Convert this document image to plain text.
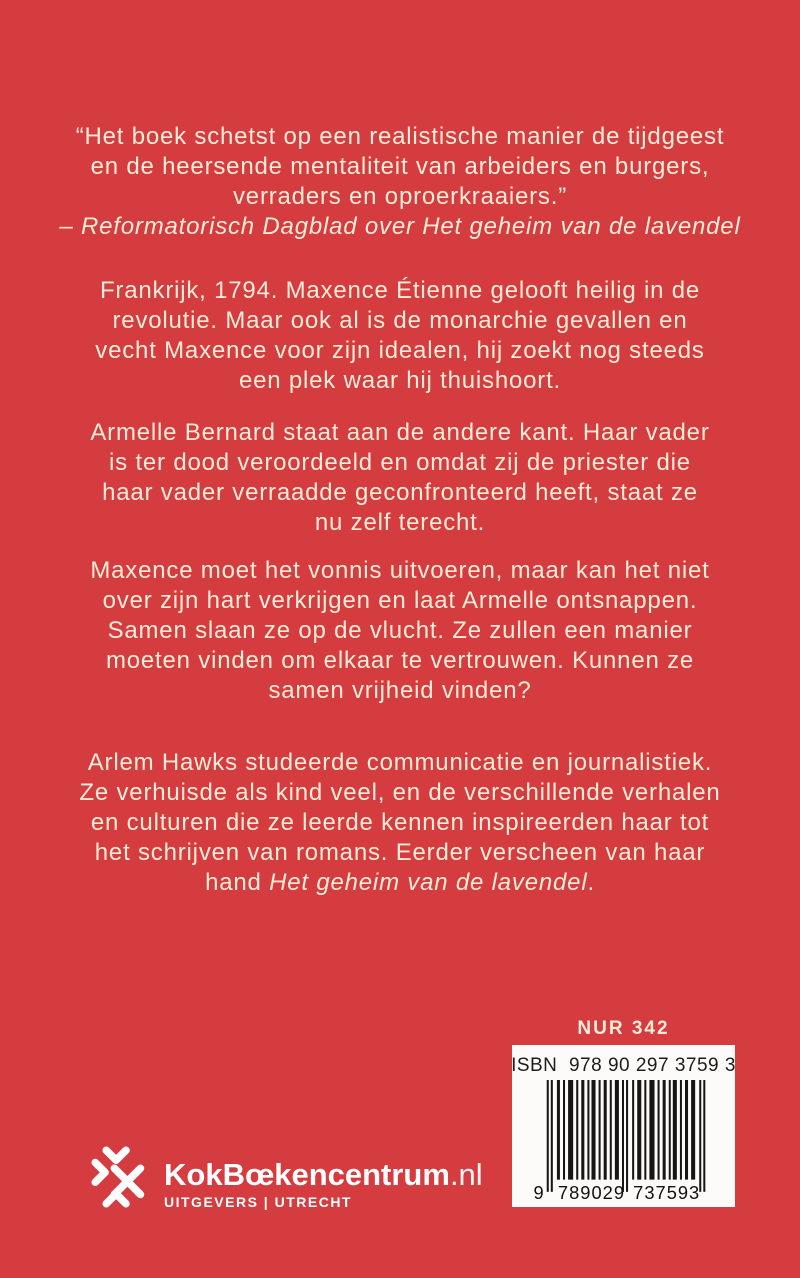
“Het boek schetst op een realistische manier de tijdgeest
en de heersende mentaliteit van arbeiders en burgers,
verraders en oproerkraaiers.”
– Reformatorisch Dagblad over Het geheim van de lavendel
Frankrijk, 1794. Maxence Étienne gelooft heilig in de
revolutie. Maar ook al is de monarchie gevallen en
vecht Maxence voor zijn idealen, hij zoekt nog steeds
een plek waar hij thuishoort.
Armelle Bernard staat aan de andere kant. Haar vader
is ter dood veroordeeld en omdat zij de priester die
haar vader verraadde geconfronteerd heeft, staat ze
nu zelf terecht.
Maxence moet het vonnis uitvoeren, maar kan het niet
over zijn hart verkrijgen en laat Armelle ontsnappen.
Samen slaan ze op de vlucht. Ze zullen een manier
moeten vinden om elkaar te vertrouwen. Kunnen ze
samen vrijheid vinden?
Arlem Hawks studeerde communicatie en journalistiek.
Ze verhuisde als kind veel, en de verschillende verhalen
en culturen die ze leerde kennen inspireerden haar tot
het schrijven van romans. Eerder verscheen van haar
hand Het geheim van de lavendel.
NUR 342
ISBN  978 90 297 3759 3
9 789029 737593
KokBœkencentrum.nl
UITGEVERS | UTRECHT
